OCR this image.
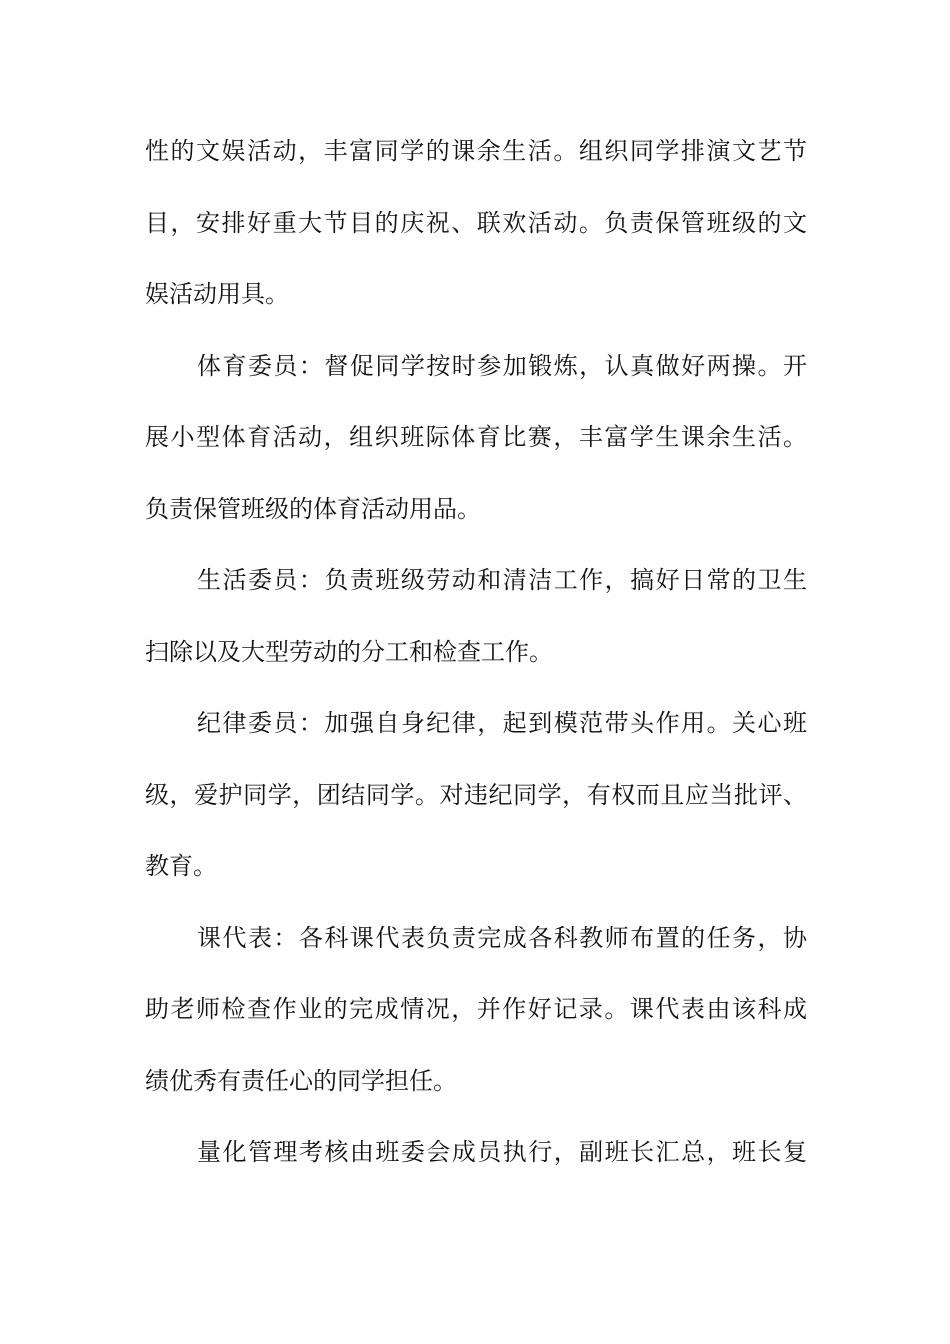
性的文娱活动，丰富同学的课余生活。组织同学排演文艺节
目，安排好重大节目的庆祝、联欢活动。负责保管班级的文
娱活动用具。
体育委员：督促同学按时参加锻炼，认真做好两操。开
展小型体育活动，组织班际体育比赛，丰富学生课余生活。
负责保管班级的体育活动用品。
生活委员：负责班级劳动和清洁工作，搞好日常的卫生
扫除以及大型劳动的分工和检查工作。
纪律委员：加强自身纪律，起到模范带头作用。关心班
级，爱护同学，团结同学。对违纪同学，有权而且应当批评、
教育。
课代表：各科课代表负责完成各科教师布置的任务，协
助老师检查作业的完成情况，并作好记录。课代表由该科成
绩优秀有责任心的同学担任。
量化管理考核由班委会成员执行，副班长汇总，班长复
